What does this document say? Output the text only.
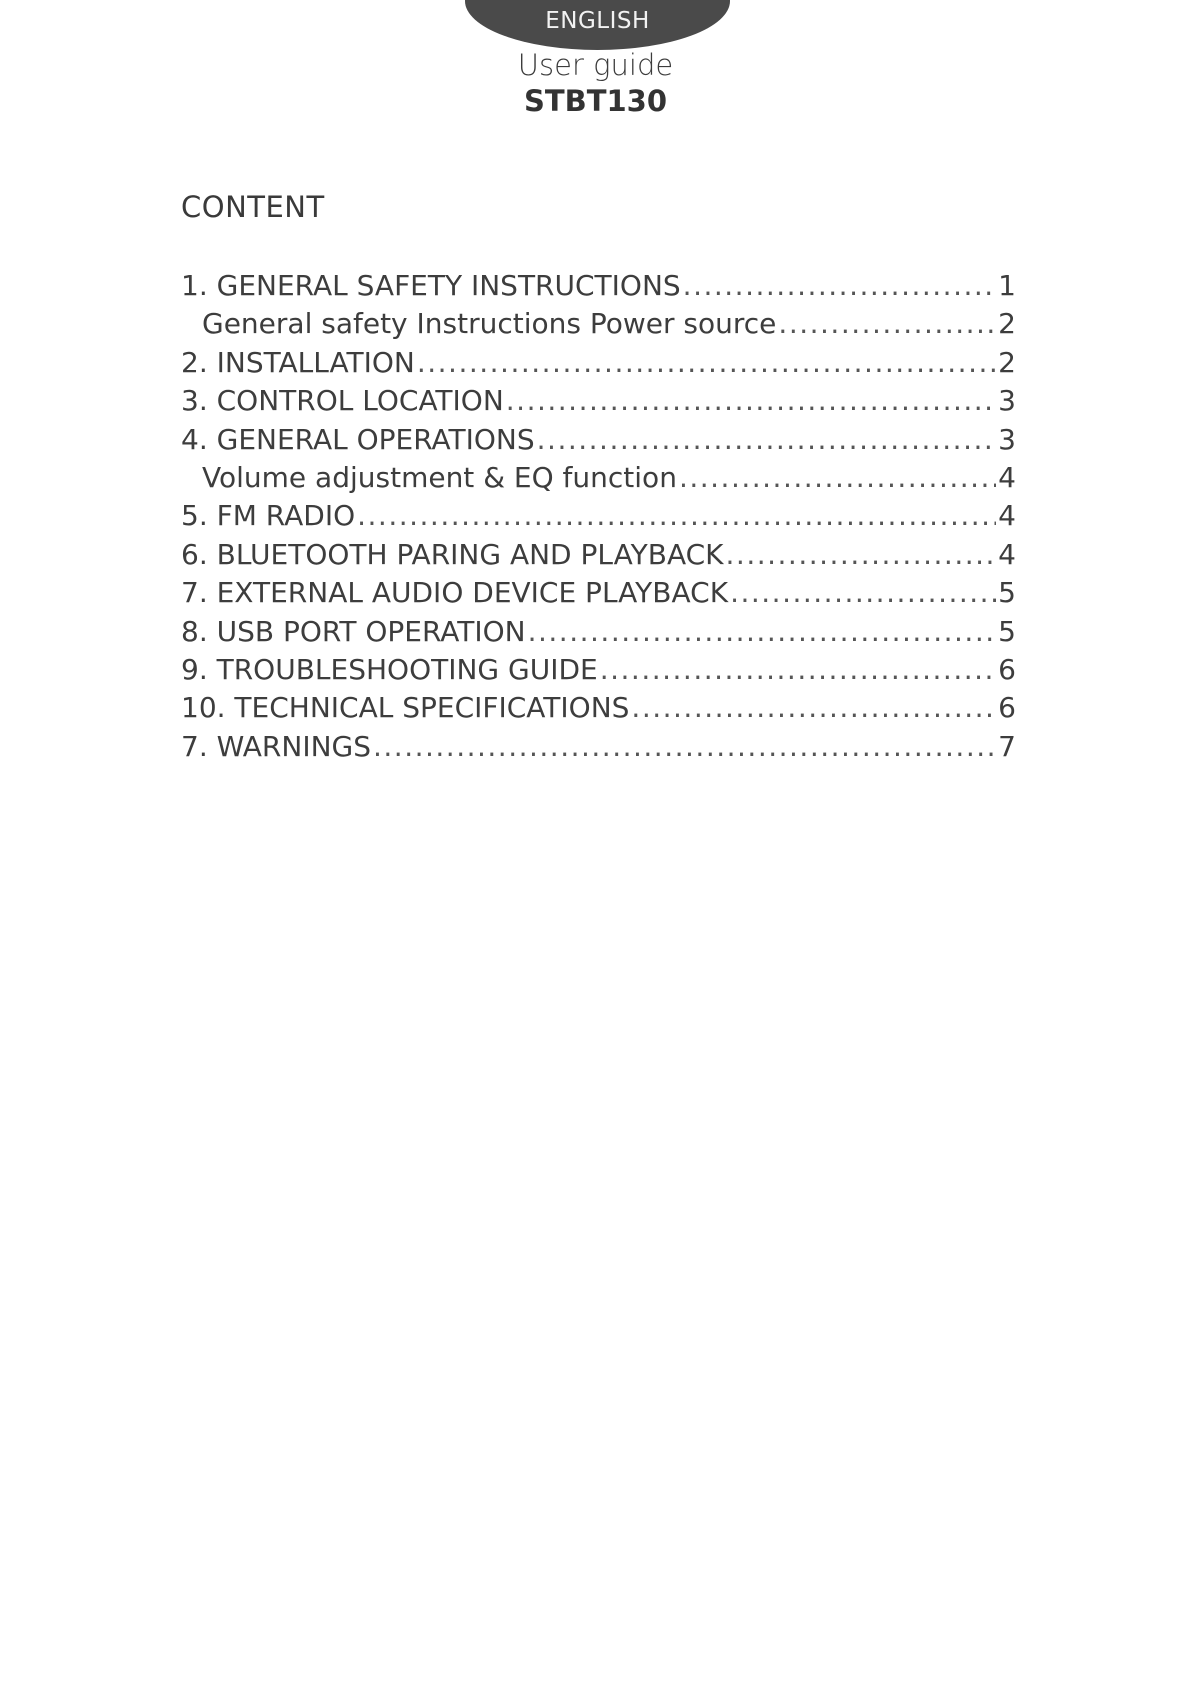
ENGLISH
User guide
STBT130
CONTENT
1. GENERAL SAFETY INSTRUCTIONS .....	1
General safety Instructions Power source .....	2
2. INSTALLATION .....	2
3. CONTROL LOCATION .....	3
4. GENERAL OPERATIONS .....	3
Volume adjustment & EQ function .....	4
5. FM RADIO .....	4
6. BLUETOOTH PARING AND PLAYBACK .....	4
7. EXTERNAL AUDIO DEVICE PLAYBACK .....	5
8. USB PORT OPERATION .....	5
9. TROUBLESHOOTING GUIDE .....	6
10. TECHNICAL SPECIFICATIONS .....	6
7. WARNINGS .....	7
